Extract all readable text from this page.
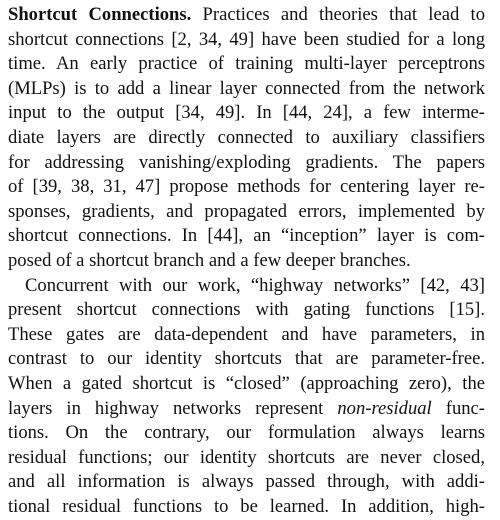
Shortcut Connections. Practices and theories that lead to
shortcut connections [2, 34, 49] have been studied for a long
time. An early practice of training multi-layer perceptrons
(MLPs) is to add a linear layer connected from the network
input to the output [34, 49]. In [44, 24], a few interme-
diate layers are directly connected to auxiliary classifiers
for addressing vanishing/exploding gradients. The papers
of [39, 38, 31, 47] propose methods for centering layer re-
sponses, gradients, and propagated errors, implemented by
shortcut connections. In [44], an “inception” layer is com-
posed of a shortcut branch and a few deeper branches.
Concurrent with our work, “highway networks” [42, 43]
present shortcut connections with gating functions [15].
These gates are data-dependent and have parameters, in
contrast to our identity shortcuts that are parameter-free.
When a gated shortcut is “closed” (approaching zero), the
layers in highway networks represent non-residual func-
tions. On the contrary, our formulation always learns
residual functions; our identity shortcuts are never closed,
and all information is always passed through, with addi-
tional residual functions to be learned. In addition, high-
